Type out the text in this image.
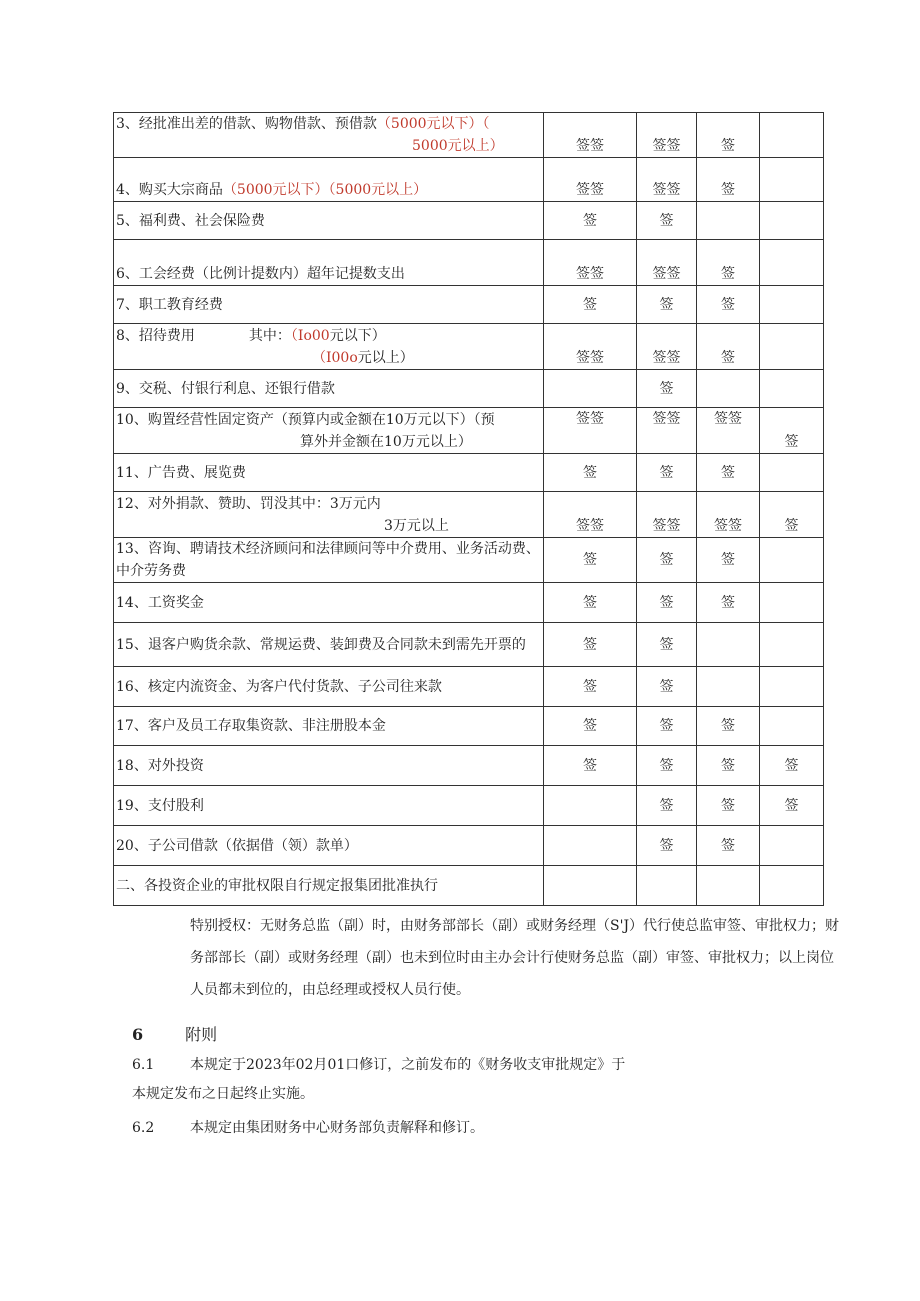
3、经批准出差的借款、购物借款、预借款（5000元以下）（
5000元以上）	签签	签签	签	
4、购买大宗商品（5000元以下）（5000元以上）	签签	签签	签	
5、福利费、社会保险费	签	签		
6、工会经费（比例计提数内）超年记提数支出	签签	签签	签	
7、职工教育经费	签	签	签	
8、招待费用 其中：（Io00元以下）
（I00o元以上）	签签	签签	签	
9、交税、付银行利息、还银行借款		签		
10、购置经营性固定资产（预算内或金额在10万元以下）（预
算外并金额在10万元以上）	签签	签签	签签	签
11、广告费、展览费	签	签	签	
12、对外捐款、赞助、罚没其中：3万元内
3万元以上	签签	签签	签签	签
13、咨询、聘请技术经济顾问和法律顾问等中介费用、业务活动费、中介劳务费	签	签	签	
14、工资奖金	签	签	签	
15、退客户购货余款、常规运费、装卸费及合同款未到需先开票的	签	签		
16、核定内流资金、为客户代付货款、子公司往来款	签	签		
17、客户及员工存取集资款、非注册股本金	签	签	签	
18、对外投资	签	签	签	签
19、支付股利		签	签	签
20、子公司借款（依据借（领）款单）		签	签	
二、各投资企业的审批权限自行规定报集团批准执行				
特别授权：无财务总监（副）时，由财务部部长（副）或财务经理（S'J）代行使总监审签、审批权力；财务部部长（副）或财务经理（副）也未到位时由主办会计行使财务总监（副）审签、审批权力；以上岗位人员都未到位的，由总经理或授权人员行使。
6	附则
6.1	本规定于2023年02月01口修订，之前发布的《财务收支审批规定》于
本规定发布之日起终止实施。
6.2	本规定由集团财务中心财务部负责解释和修订。
